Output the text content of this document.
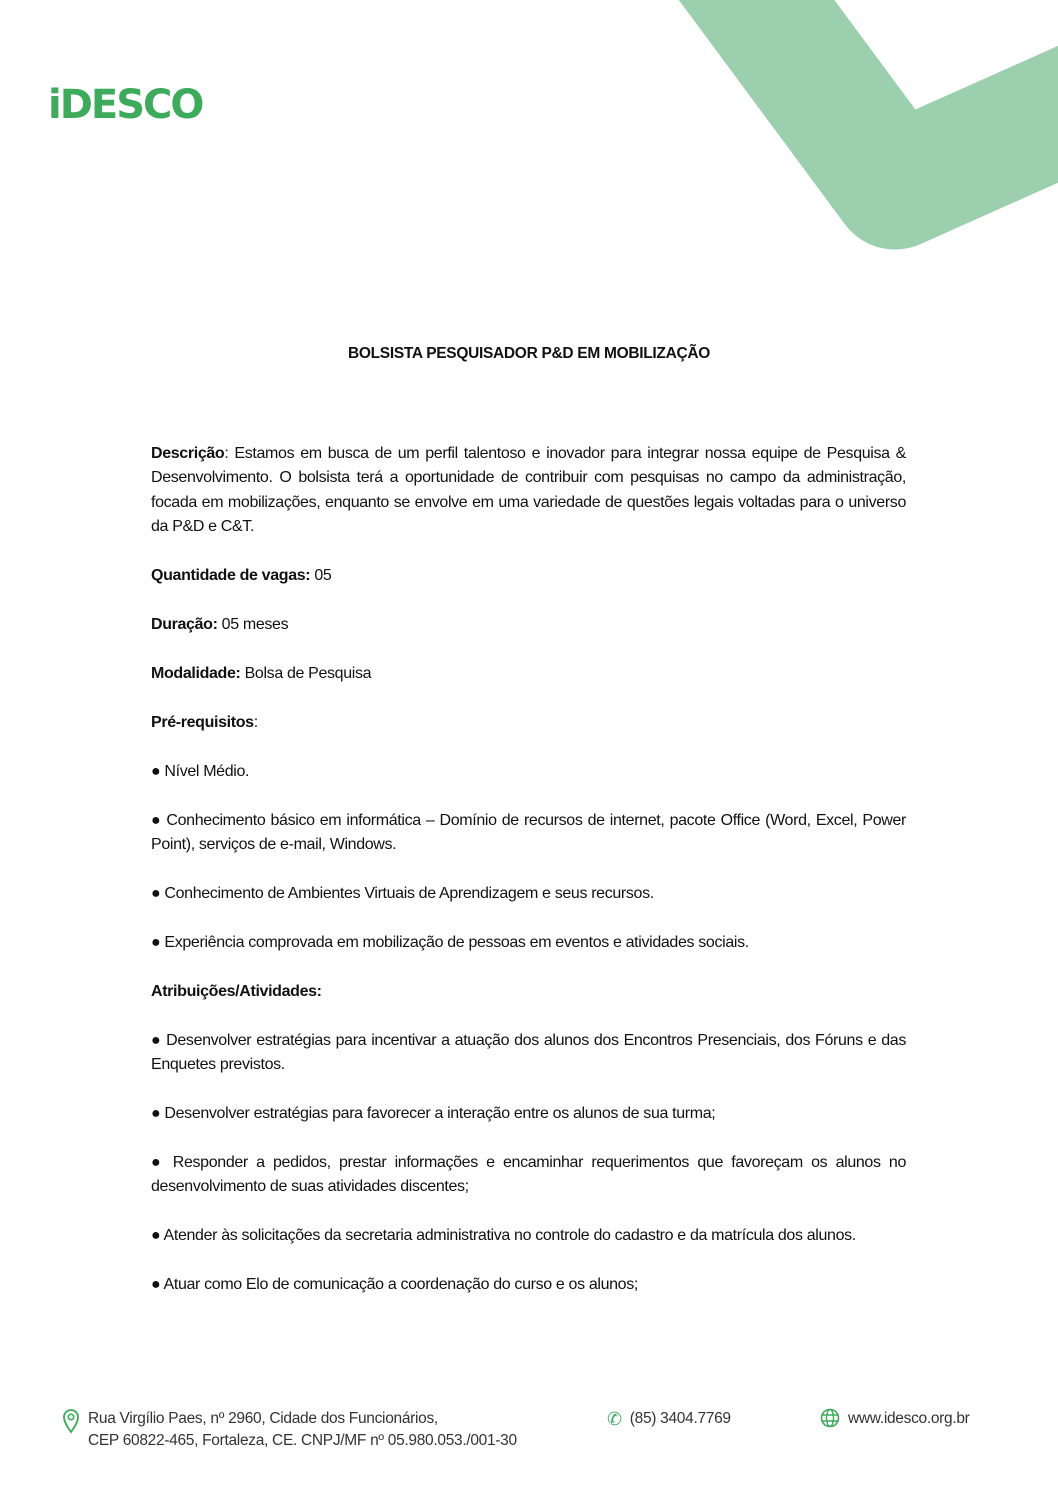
iDESCO
BOLSISTA PESQUISADOR P&D EM MOBILIZAÇÃO

Descrição: Estamos em busca de um perfil talentoso e inovador para integrar nossa equipe de Pesquisa & Desenvolvimento. O bolsista terá a oportunidade de contribuir com pesquisas no campo da administração, focada em mobilizações, enquanto se envolve em uma variedade de questões legais voltadas para o universo da P&D e C&T.

Quantidade de vagas: 05

Duração: 05 meses

Modalidade: Bolsa de Pesquisa

Pré-requisitos:

● Nível Médio.

● Conhecimento básico em informática – Domínio de recursos de internet, pacote Office (Word, Excel, Power Point), serviços de e-mail, Windows.

● Conhecimento de Ambientes Virtuais de Aprendizagem e seus recursos.

● Experiência comprovada em mobilização de pessoas em eventos e atividades sociais.

Atribuições/Atividades:

● Desenvolver estratégias para incentivar a atuação dos alunos dos Encontros Presenciais, dos Fóruns e das Enquetes previstos.

● Desenvolver estratégias para favorecer a interação entre os alunos de sua turma;

● Responder a pedidos, prestar informações e encaminhar requerimentos que favoreçam os alunos no desenvolvimento de suas atividades discentes;

● Atender às solicitações da secretaria administrativa no controle do cadastro e da matrícula dos alunos.

● Atuar como Elo de comunicação a coordenação do curso e os alunos;

Rua Virgílio Paes, nº 2960, Cidade dos Funcionários,
CEP 60822-465, Fortaleza, CE. CNPJ/MF nº 05.980.053./001-30
✆ (85) 3404.7769	www.idesco.org.br
